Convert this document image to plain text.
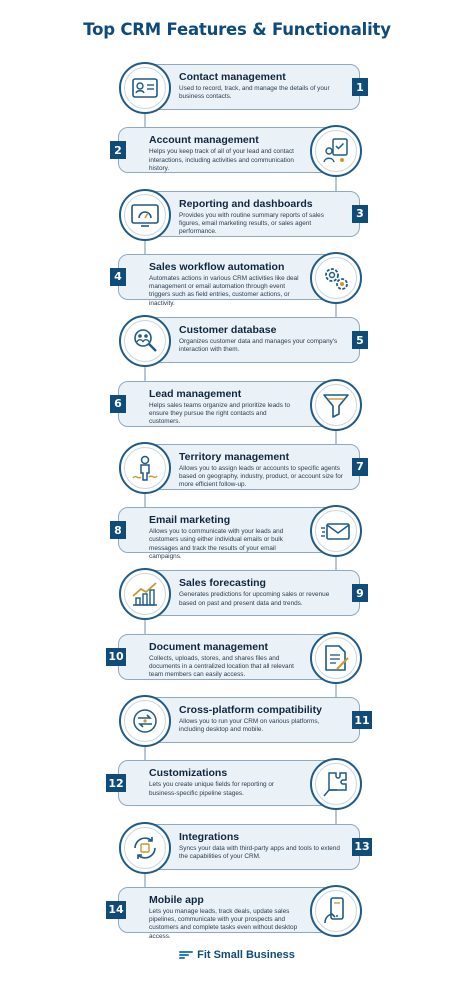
Top CRM Features & Functionality
Contact management
Used to record, track, and manage the details of your business contacts.
1
Account management
Helps you keep track of all of your lead and contact interactions, including activities and communication history.
2
Reporting and dashboards
Provides you with routine summary reports of sales figures, email marketing results, or sales agent performance.
3
Sales workflow automation
Automates actions in various CRM activities like deal management or email automation through event triggers such as field entries, customer actions, or inactivity.
4
Customer database
Organizes customer data and manages your company's interaction with them.
5
Lead management
Helps sales teams organize and prioritize leads to ensure they pursue the right contacts and customers.
6
Territory management
Allows you to assign leads or accounts to specific agents based on geography, industry, product, or account size for more efficient follow-up.
7
Email marketing
Allows you to communicate with your leads and customers using either individual emails or bulk messages and track the results of your email campaigns.
8
Sales forecasting
Generates predictions for upcoming sales or revenue based on past and present data and trends.
9
Document management
Collects, uploads, stores, and shares files and documents in a centralized location that all relevant team members can easily access.
10
Cross-platform compatibility
Allows you to run your CRM on various platforms, including desktop and mobile.
11
Customizations
Lets you create unique fields for reporting or business-specific pipeline stages.
12
Integrations
Syncs your data with third-party apps and tools to extend the capabilities of your CRM.
13
Mobile app
Lets you manage leads, track deals, update sales pipelines, communicate with your prospects and customers and complete tasks even without desktop access.
14
Fit Small Business
